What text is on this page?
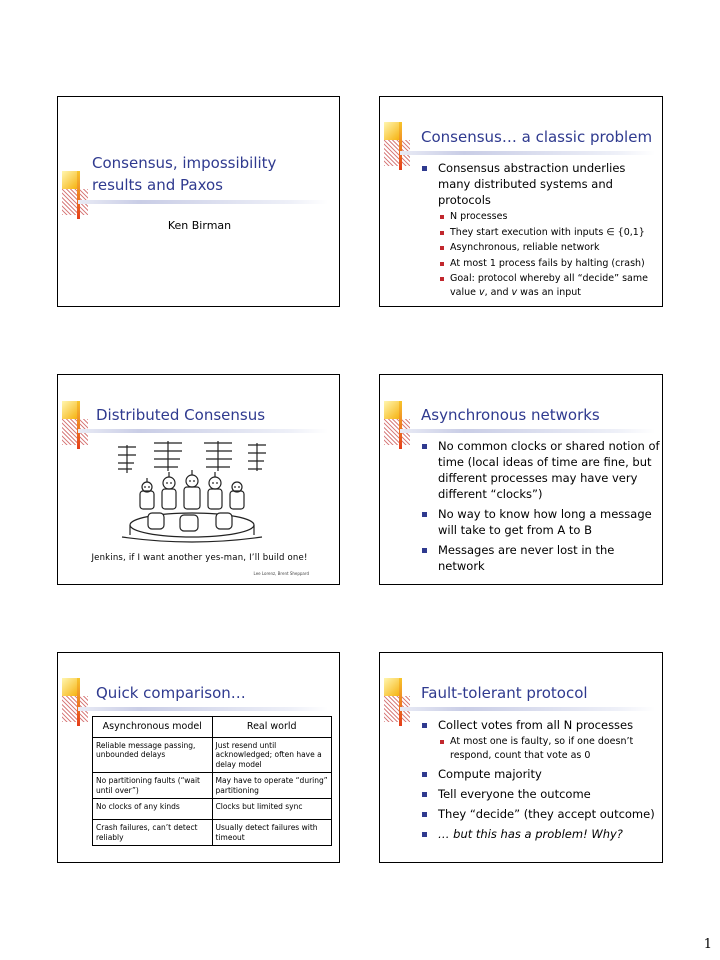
Consensus, impossibility
results and Paxos
Ken Birman
Consensus… a classic problem
Consensus abstraction underlies many distributed systems and protocols
N processes
They start execution with inputs ∈ {0,1}
Asynchronous, reliable network
At most 1 process fails by halting (crash)
Goal: protocol whereby all “decide” same value v, and v was an input
Distributed Consensus
Jenkins, if I want another yes-man, I’ll build one!
Lee Lorenz, Brent Sheppard
Asynchronous networks
No common clocks or shared notion of time (local ideas of time are fine, but different processes may have very different “clocks”)
No way to know how long a message will take to get from A to B
Messages are never lost in the network
Quick comparison…
Asynchronous model	Real world
Reliable message passing, unbounded delays	Just resend until acknowledged; often have a delay model
No partitioning faults (“wait until over”)	May have to operate “during” partitioning
No clocks of any kinds	Clocks but limited sync
Crash failures, can’t detect reliably	Usually detect failures with timeout
Fault-tolerant protocol
Collect votes from all N processes
At most one is faulty, so if one doesn’t respond, count that vote as 0
Compute majority
Tell everyone the outcome
They “decide” (they accept outcome)
… but this has a problem! Why?
1
